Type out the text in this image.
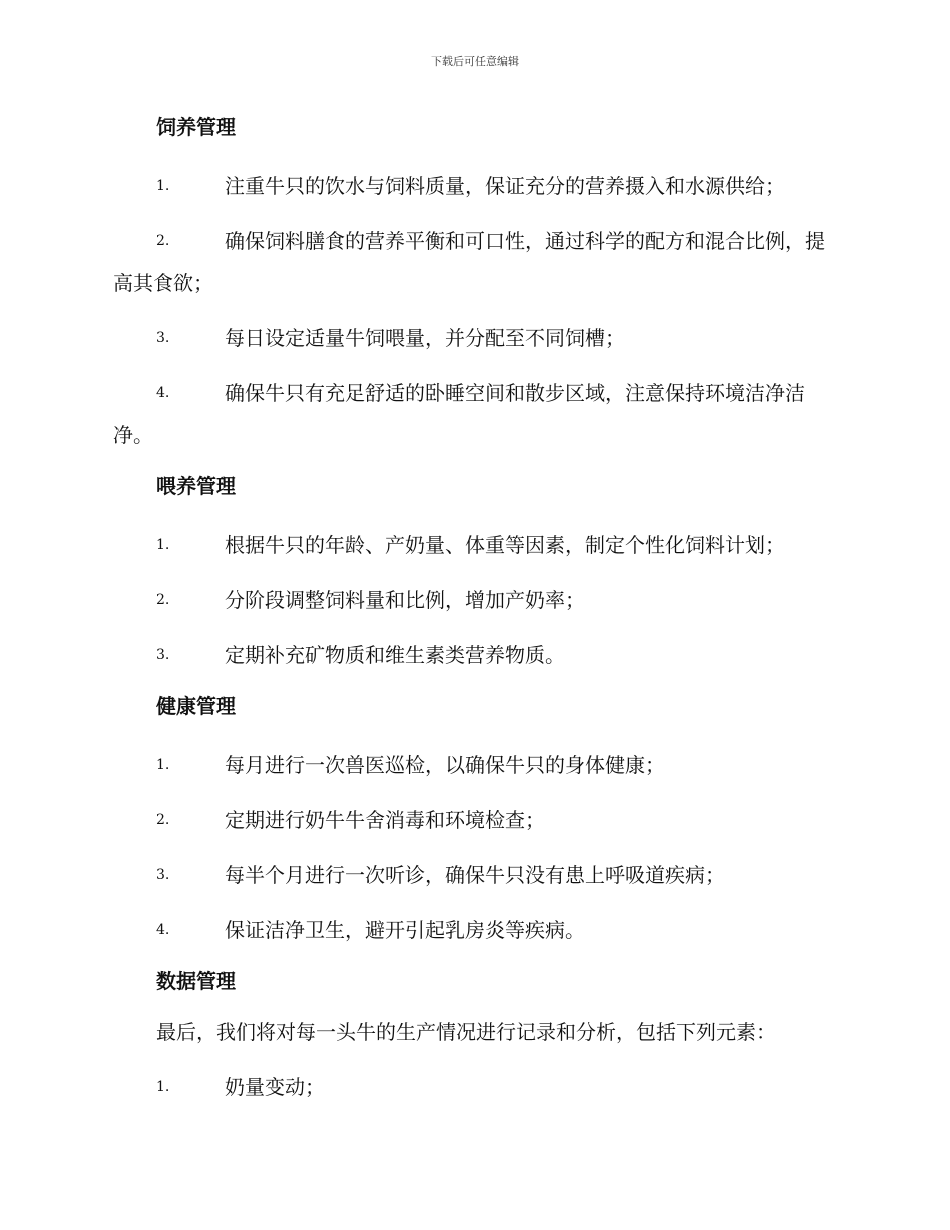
下载后可任意编辑
饲养管理
1.	注重牛只的饮水与饲料质量，保证充分的营养摄入和水源供给；
2.	确保饲料膳食的营养平衡和可口性，通过科学的配方和混合比例，提高其食欲；
3.	每日设定适量牛饲喂量，并分配至不同饲槽；
4.	确保牛只有充足舒适的卧睡空间和散步区域，注意保持环境洁净洁净。
喂养管理
1.	根据牛只的年龄、产奶量、体重等因素，制定个性化饲料计划；
2.	分阶段调整饲料量和比例，增加产奶率；
3.	定期补充矿物质和维生素类营养物质。
健康管理
1.	每月进行一次兽医巡检，以确保牛只的身体健康；
2.	定期进行奶牛牛舍消毒和环境检查；
3.	每半个月进行一次听诊，确保牛只没有患上呼吸道疾病；
4.	保证洁净卫生，避开引起乳房炎等疾病。
数据管理
最后，我们将对每一头牛的生产情况进行记录和分析，包括下列元素：
1.	奶量变动；
